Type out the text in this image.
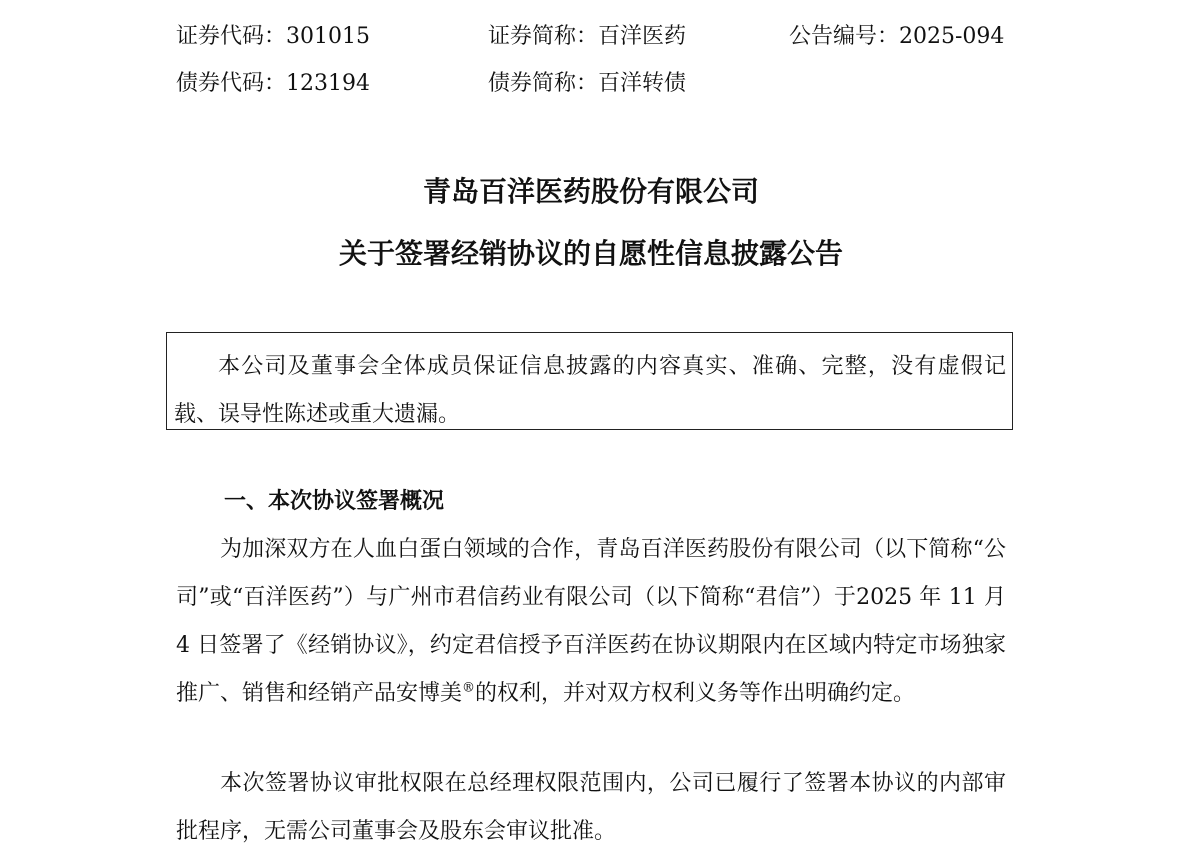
证券代码：301015	证券简称：百洋医药	公告编号：2025-094
债券代码：123194	债券简称：百洋转债
青岛百洋医药股份有限公司
关于签署经销协议的自愿性信息披露公告
本公司及董事会全体成员保证信息披露的内容真实、准确、完整，没有虚假记载、误导性陈述或重大遗漏。
一、本次协议签署概况
为加深双方在人血白蛋白领域的合作，青岛百洋医药股份有限公司（以下简称“公司”或“百洋医药”）与广州市君信药业有限公司（以下简称“君信”）于2025 年 11 月 4 日签署了《经销协议》，约定君信授予百洋医药在协议期限内在区域内特定市场独家推广、销售和经销产品安博美®的权利，并对双方权利义务等作出明确约定。
本次签署协议审批权限在总经理权限范围内，公司已履行了签署本协议的内部审批程序，无需公司董事会及股东会审议批准。
